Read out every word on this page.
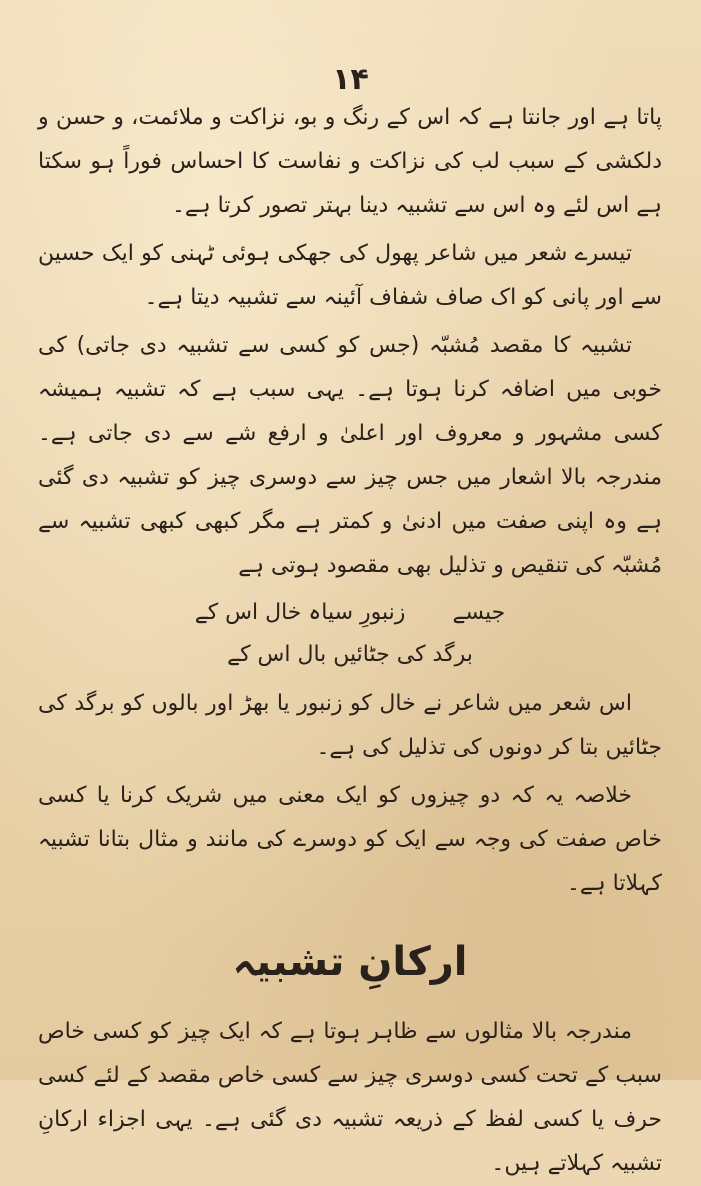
۱۴

پاتا ہے اور جانتا ہے کہ اس کے رنگ و بو، نزاکت و ملائمت، و حسن و دلکشی کے سبب لب کی نزاکت و نفاست کا احساس فوراً ہو سکتا ہے اس لئے وہ اس سے تشبیہ دینا بہتر تصور کرتا ہے۔

تیسرے شعر میں شاعر پھول کی جھکی ہوئی ٹہنی کو ایک حسین سے اور پانی کو اک صاف شفاف آئینہ سے تشبیہ دیتا ہے۔

تشبیہ کا مقصد مُشبّہ (جس کو کسی سے تشبیہ دی جاتی) کی خوبی میں اضافہ کرنا ہوتا ہے۔ یہی سبب ہے کہ تشبیہ ہمیشہ کسی مشہور و معروف اور اعلیٰ و ارفع شے سے دی جاتی ہے۔ مندرجہ بالا اشعار میں جس چیز سے دوسری چیز کو تشبیہ دی گئی ہے وہ اپنی صفت میں ادنیٰ و کمتر ہے مگر کبھی کبھی تشبیہ سے مُشبّہ کی تنقیص و تذلیل بھی مقصود ہوتی ہے

جیسے زنبورِ سیاہ خال اس کے
برگد کی جٹائیں بال اس کے

اس شعر میں شاعر نے خال کو زنبور یا بھڑ اور بالوں کو برگد کی جٹائیں بتا کر دونوں کی تذلیل کی ہے۔

خلاصہ یہ کہ دو چیزوں کو ایک معنی میں شریک کرنا یا کسی خاص صفت کی وجہ سے ایک کو دوسرے کی مانند و مثال بتانا تشبیہ کہلاتا ہے۔

ارکانِ تشبیہ

مندرجہ بالا مثالوں سے ظاہر ہوتا ہے کہ ایک چیز کو کسی خاص سبب کے تحت کسی دوسری چیز سے کسی خاص مقصد کے لئے کسی حرف یا کسی لفظ کے ذریعہ تشبیہ دی گئی ہے۔ یہی اجزاء ارکانِ تشبیہ کہلاتے ہیں۔
